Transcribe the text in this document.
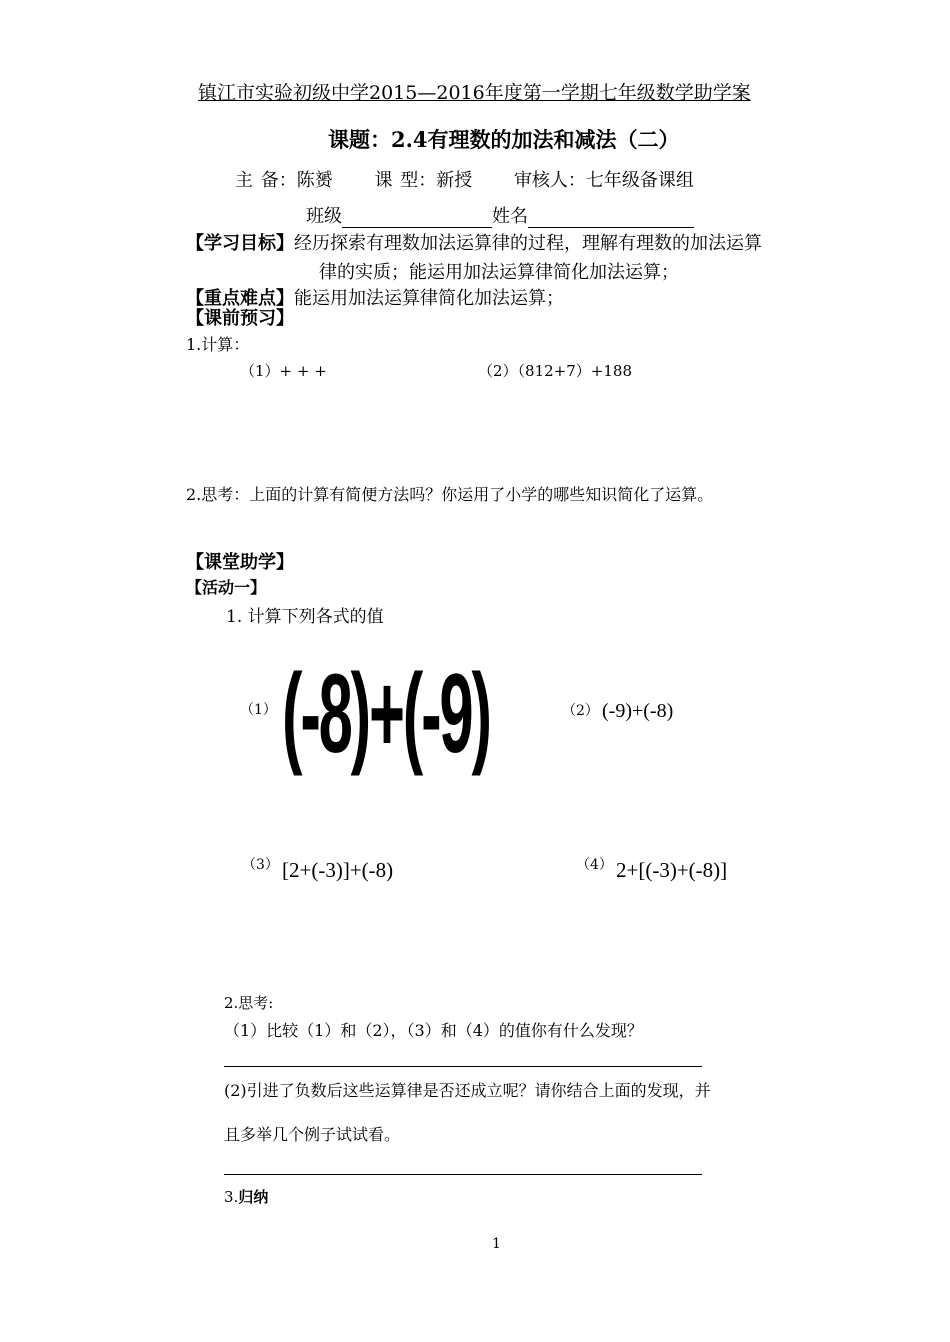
镇江市实验初级中学2015—2016年度第一学期七年级数学助学案
课题：2.4有理数的加法和减法（二）
主 备：陈赟 课 型：新授 审核人：七年级备课组
班级	姓名
【学习目标】经历探索有理数加法运算律的过程，理解有理数的加法运算
律的实质；能运用加法运算律简化加法运算；
【重点难点】能运用加法运算律简化加法运算；
【课前预习】
1.计算：
（1）+ + +	（2）（812+7）+188
2.思考：上面的计算有简便方法吗？你运用了小学的哪些知识简化了运算。
【课堂助学】
【活动一】
1. 计算下列各式的值
（1） (-8)+(-9)	（2） (-9)+(-8)
（3） [2+(-3)]+(-8)	（4） 2+[(-3)+(-8)]
2.思考:
（1）比较（1）和（2），（3）和（4）的值你有什么发现？
(2)引进了负数后这些运算律是否还成立呢？请你结合上面的发现，并
且多举几个例子试试看。
3.归纳
1
